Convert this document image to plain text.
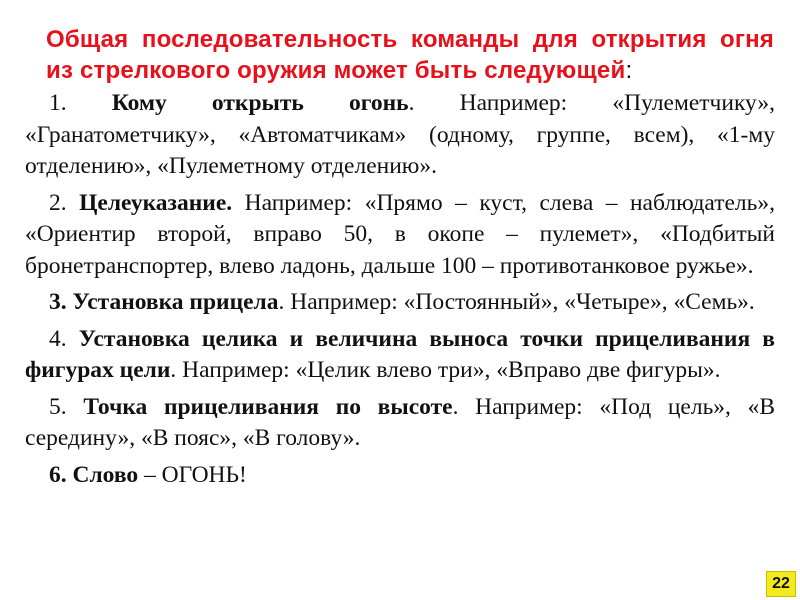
Общая последовательность команды для открытия огня из стрелкового оружия может быть следующей:

1. Кому открыть огонь. Например: «Пулеметчику», «Гранатометчику», «Автоматчикам» (одному, группе, всем), «1-му отделению», «Пулеметному отделению».

2. Целеуказание. Например: «Прямо – куст, слева – наблюдатель», «Ориентир второй, вправо 50, в окопе – пулемет», «Подбитый бронетранспортер, влево ладонь, дальше 100 – противотанковое ружье».

3. Установка прицела. Например: «Постоянный», «Четыре», «Семь».

4. Установка целика и величина выноса точки прицеливания в фигурах цели. Например: «Целик влево три», «Вправо две фигуры».

5. Точка прицеливания по высоте. Например: «Под цель», «В середину», «В пояс», «В голову».

6. Слово – ОГОНЬ!

22
